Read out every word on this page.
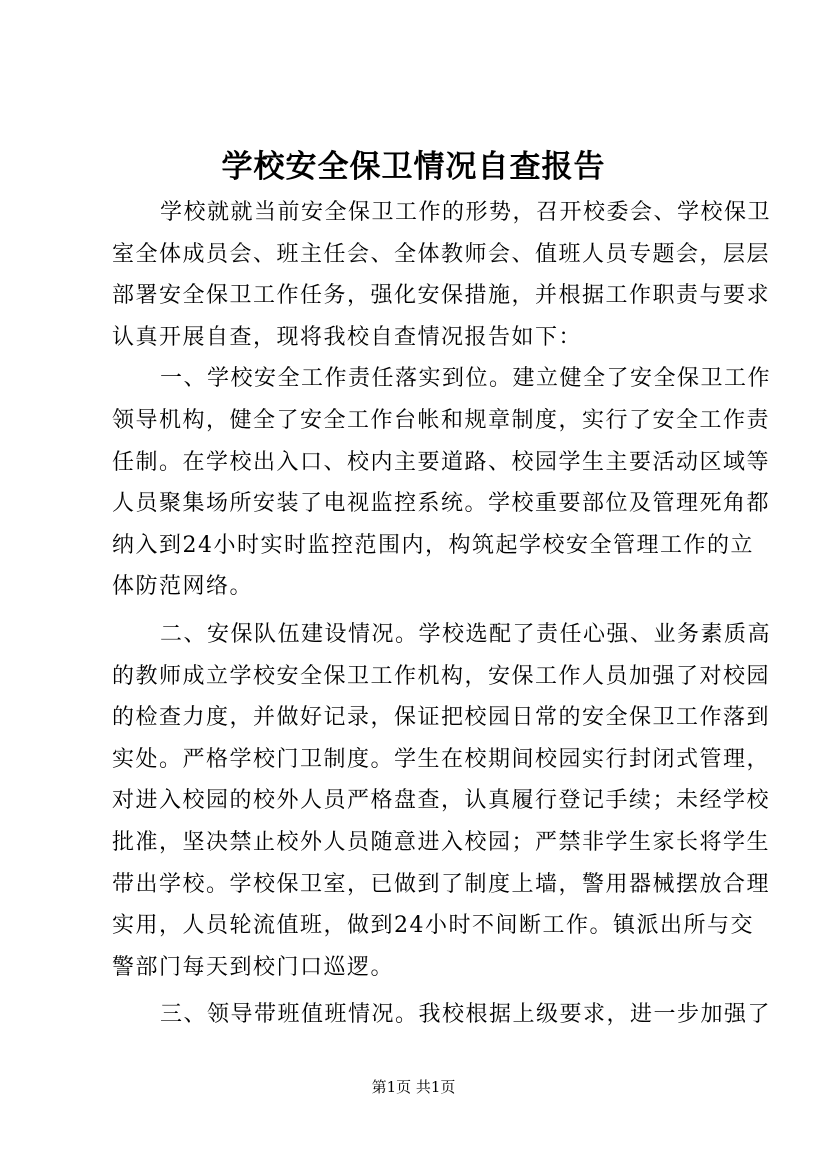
学校安全保卫情况自查报告
学校就就当前安全保卫工作的形势，召开校委会、学校保卫
室全体成员会、班主任会、全体教师会、值班人员专题会，层层
部署安全保卫工作任务，强化安保措施，并根据工作职责与要求
认真开展自查，现将我校自查情况报告如下：
一、学校安全工作责任落实到位。建立健全了安全保卫工作
领导机构，健全了安全工作台帐和规章制度，实行了安全工作责
任制。在学校出入口、校内主要道路、校园学生主要活动区域等
人员聚集场所安装了电视监控系统。学校重要部位及管理死角都
纳入到24小时实时监控范围内，构筑起学校安全管理工作的立
体防范网络。
二、安保队伍建设情况。学校选配了责任心强、业务素质高
的教师成立学校安全保卫工作机构，安保工作人员加强了对校园
的检查力度，并做好记录，保证把校园日常的安全保卫工作落到
实处。严格学校门卫制度。学生在校期间校园实行封闭式管理，
对进入校园的校外人员严格盘查，认真履行登记手续；未经学校
批准，坚决禁止校外人员随意进入校园；严禁非学生家长将学生
带出学校。学校保卫室，已做到了制度上墙，警用器械摆放合理
实用，人员轮流值班，做到24小时不间断工作。镇派出所与交
警部门每天到校门口巡逻。
三、领导带班值班情况。我校根据上级要求，进一步加强了
第1页 共1页
